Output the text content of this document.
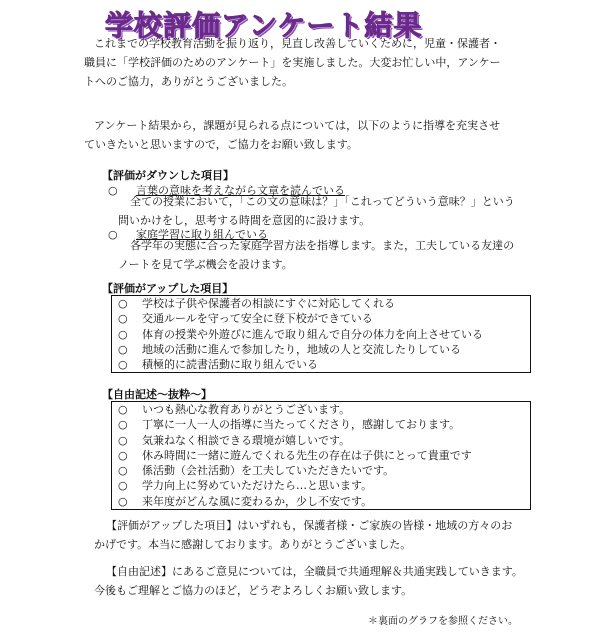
学校評価アンケート結果
これまでの学校教育活動を振り返り，見直し改善していくために，児童・保護者・
職員に「学校評価のためのアンケート」を実施しました。大変お忙しい中，アンケー
トへのご協力，ありがとうございました。
アンケート結果から，課題が見られる点については，以下のように指導を充実させ
ていきたいと思いますので，ご協力をお願い致します。
【評価がダウンした項目】
○ 言葉の意味を考えながら文章を読んでいる
全ての授業において，「この文の意味は？」「これってどういう意味？」という
問いかけをし，思考する時間を意図的に設けます。
○ 家庭学習に取り組んでいる
各学年の実態に合った家庭学習方法を指導します。また，工夫している友達の
ノートを見て学ぶ機会を設けます。
【評価がアップした項目】
○ 学校は子供や保護者の相談にすぐに対応してくれる
○ 交通ルールを守って安全に登下校ができている
○ 体育の授業や外遊びに進んで取り組んで自分の体力を向上させている
○ 地域の活動に進んで参加したり，地域の人と交流したりしている
○ 積極的に読書活動に取り組んでいる
【自由記述～抜粋～】
○ いつも熱心な教育ありがとうございます。
○ 丁寧に一人一人の指導に当たってくださり，感謝しております。
○ 気兼ねなく相談できる環境が嬉しいです。
○ 休み時間に一緒に遊んでくれる先生の存在は子供にとって貴重です
○ 係活動（会社活動）を工夫していただきたいです。
○ 学力向上に努めていただけたら…と思います。
○ 来年度がどんな風に変わるか，少し不安です。
【評価がアップした項目】はいずれも，保護者様・ご家族の皆様・地域の方々のお
かげです。本当に感謝しております。ありがとうございました。
【自由記述】にあるご意見については，全職員で共通理解＆共通実践していきます。
今後もご理解とご協力のほど，どうぞよろしくお願い致します。
＊裏面のグラフを参照ください。
